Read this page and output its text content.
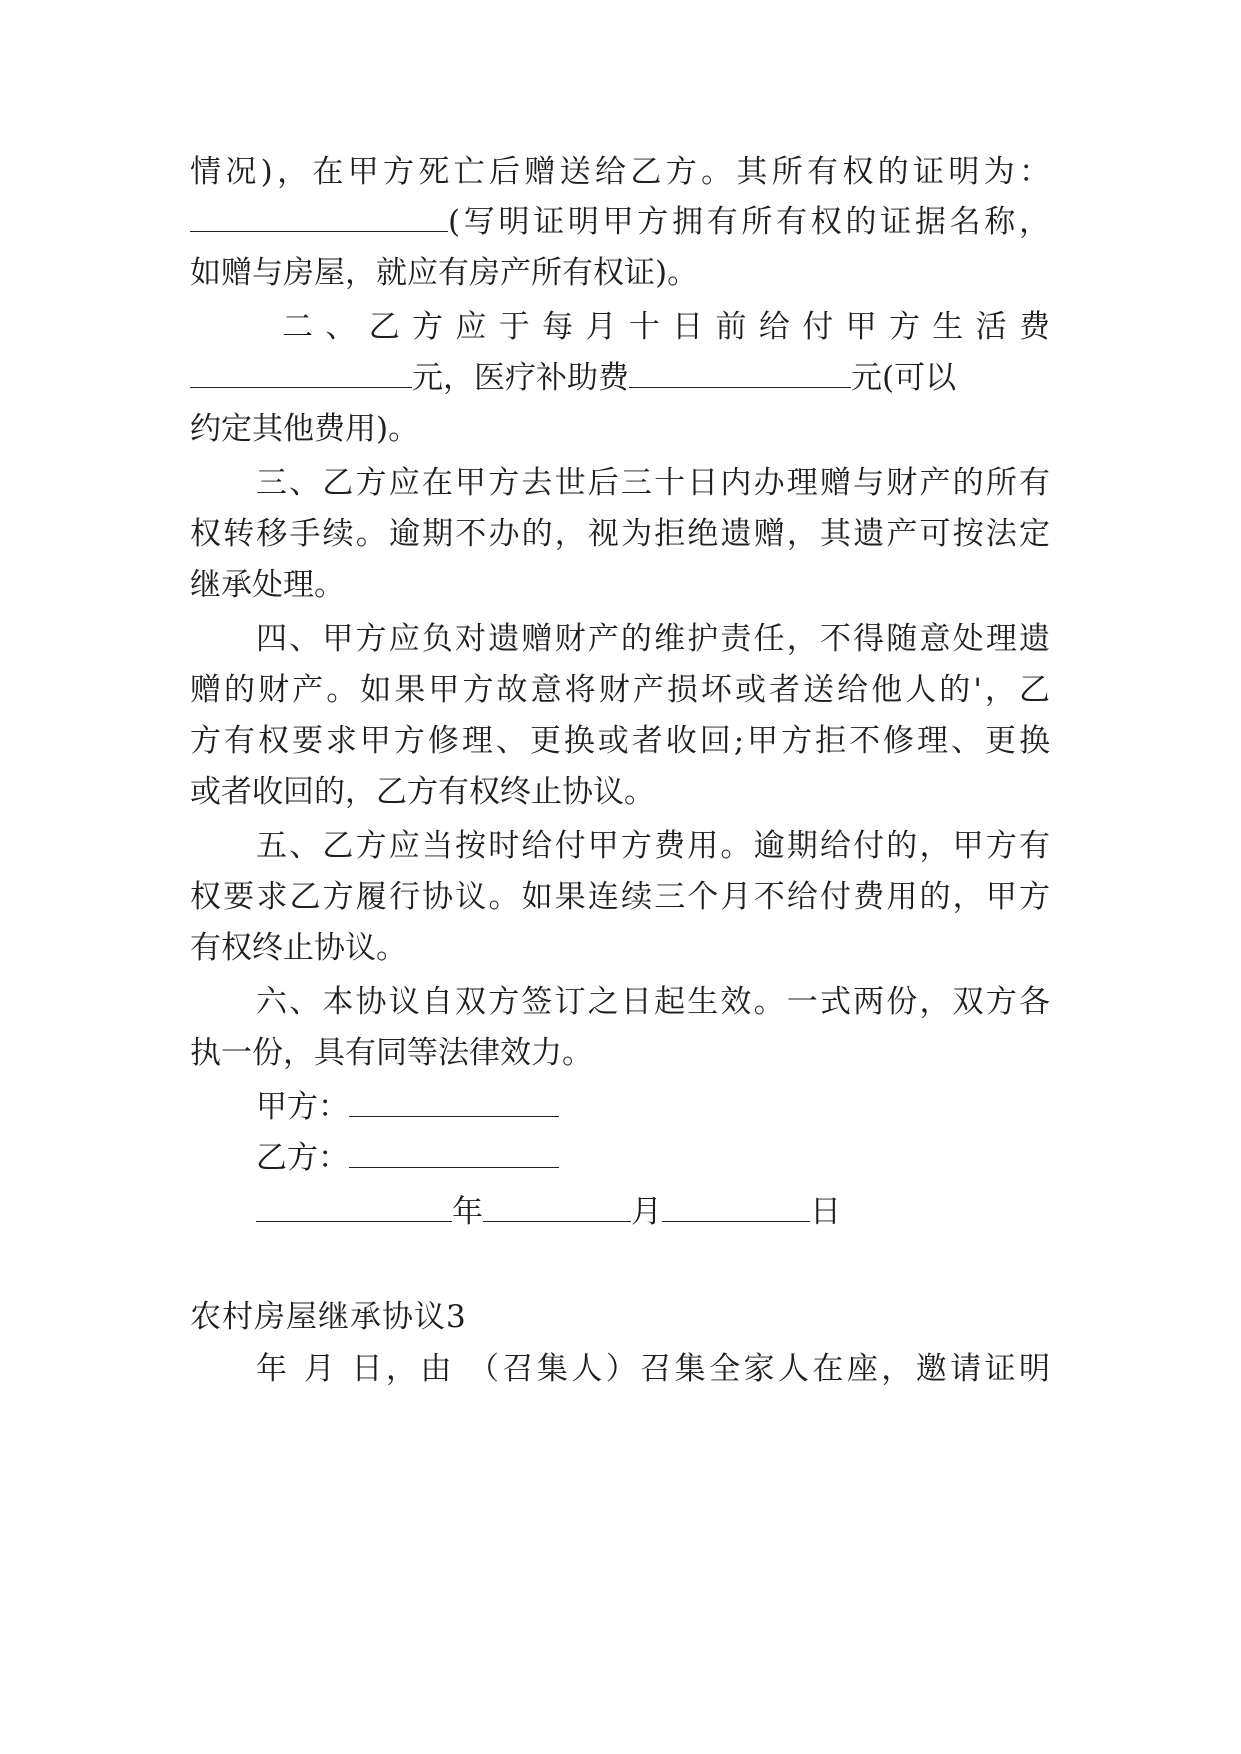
情况)，在甲方死亡后赠送给乙方。其所有权的证明为：
(写明证明甲方拥有所有权的证据名称，
如赠与房屋，就应有房产所有权证)。
二、乙方应于每月十日前给付甲方生活费
元，医疗补助费	元(可以
约定其他费用)。
三、乙方应在甲方去世后三十日内办理赠与财产的所有
权转移手续。逾期不办的，视为拒绝遗赠，其遗产可按法定
继承处理。
四、甲方应负对遗赠财产的维护责任，不得随意处理遗
赠的财产。如果甲方故意将财产损坏或者送给他人的'，乙
方有权要求甲方修理、更换或者收回;甲方拒不修理、更换
或者收回的，乙方有权终止协议。
五、乙方应当按时给付甲方费用。逾期给付的，甲方有
权要求乙方履行协议。如果连续三个月不给付费用的，甲方
有权终止协议。
六、本协议自双方签订之日起生效。一式两份，双方各
执一份，具有同等法律效力。
甲方：
乙方：
年	月	日
农村房屋继承协议3
年 月 日，由 （召集人）召集全家人在座，邀请证明
